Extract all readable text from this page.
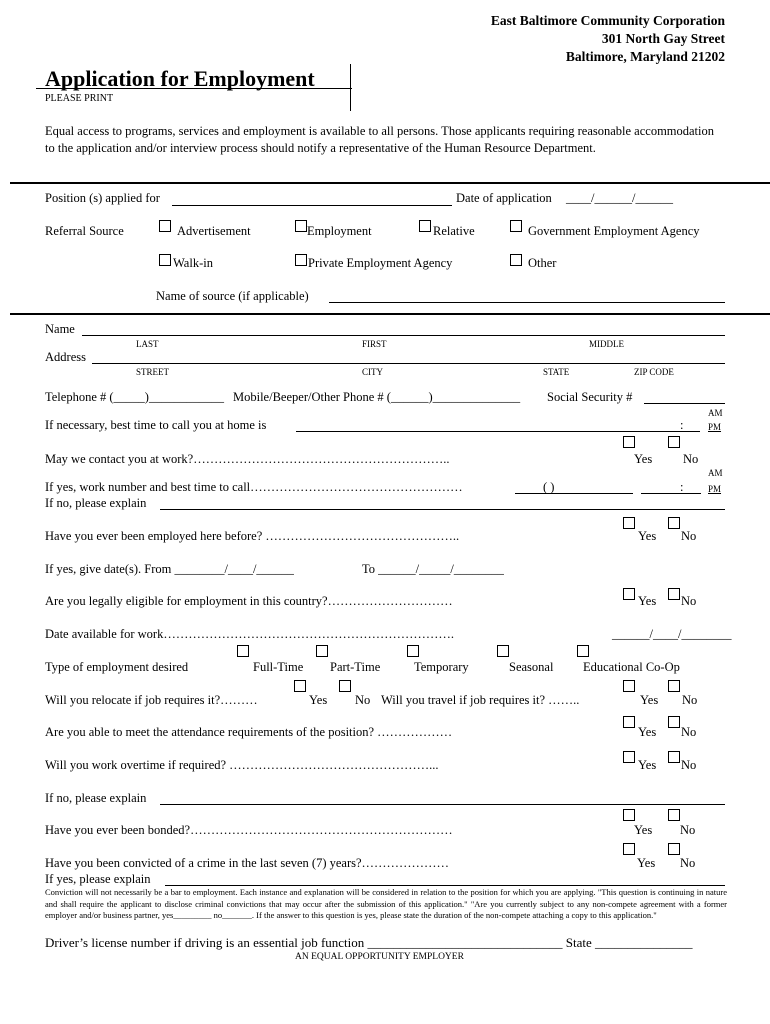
East Baltimore Community Corporation
301 North Gay Street
Baltimore, Maryland 21202
Application for Employment
PLEASE PRINT
Equal access to programs, services and employment is available to all persons. Those applicants requiring reasonable accommodation to the application and/or interview process should notify a representative of the Human Resource Department.
Position (s) applied for	Date of application ____/______/______
Referral Source	Advertisement	Employment	Relative	Government Employment Agency
Walk-in	Private Employment Agency	Other
Name of source (if applicable)
Name
LAST	FIRST	MIDDLE
Address
STREET	CITY	STATE	ZIP CODE
Telephone # (_____)____________ Mobile/Beeper/Other Phone # (______)______________ Social Security #
AM
If necessary, best time to call you at home is	:	PM
May we contact you at work?……………………………………………………..	Yes No
AM
If yes, work number and best time to call……………………………………………	( )	:	PM
If no, please explain
Have you ever been employed here before? ………………………………………..	Yes No
If yes, give date(s). From ________/____/______	To ______/_____/________
Are you legally eligible for employment in this country?…………………………	Yes No
Date available for work…………………………………………………………….	______/____/________
Type of employment desired	Full-Time Part-Time	Temporary	Seasonal Educational Co-Op
Will you relocate if job requires it?………	Yes No Will you travel if job requires it? ……..	Yes No
Are you able to meet the attendance requirements of the position? ………………	Yes No
Will you work overtime if required? …………………………………………...	Yes No
If no, please explain
Have you ever been bonded?………………………………………………………	Yes No
Have you been convicted of a crime in the last seven (7) years?…………………	Yes No
If yes, please explain
Conviction will not necessarily be a bar to employment. Each instance and explanation will be considered in relation to the position for which you are applying. "This question is continuing in nature and shall require the applicant to disclose criminal convictions that may occur after the submission of this application." "Are you currently subject to any non-compete agreement with a former employer and/or business partner, yes_________ no_______. If the answer to this question is yes, please state the duration of the non-compete attaching a copy to this application."
Driver’s license number if driving is an essential job function ______________________________ State _______________
AN EQUAL OPPORTUNITY EMPLOYER
